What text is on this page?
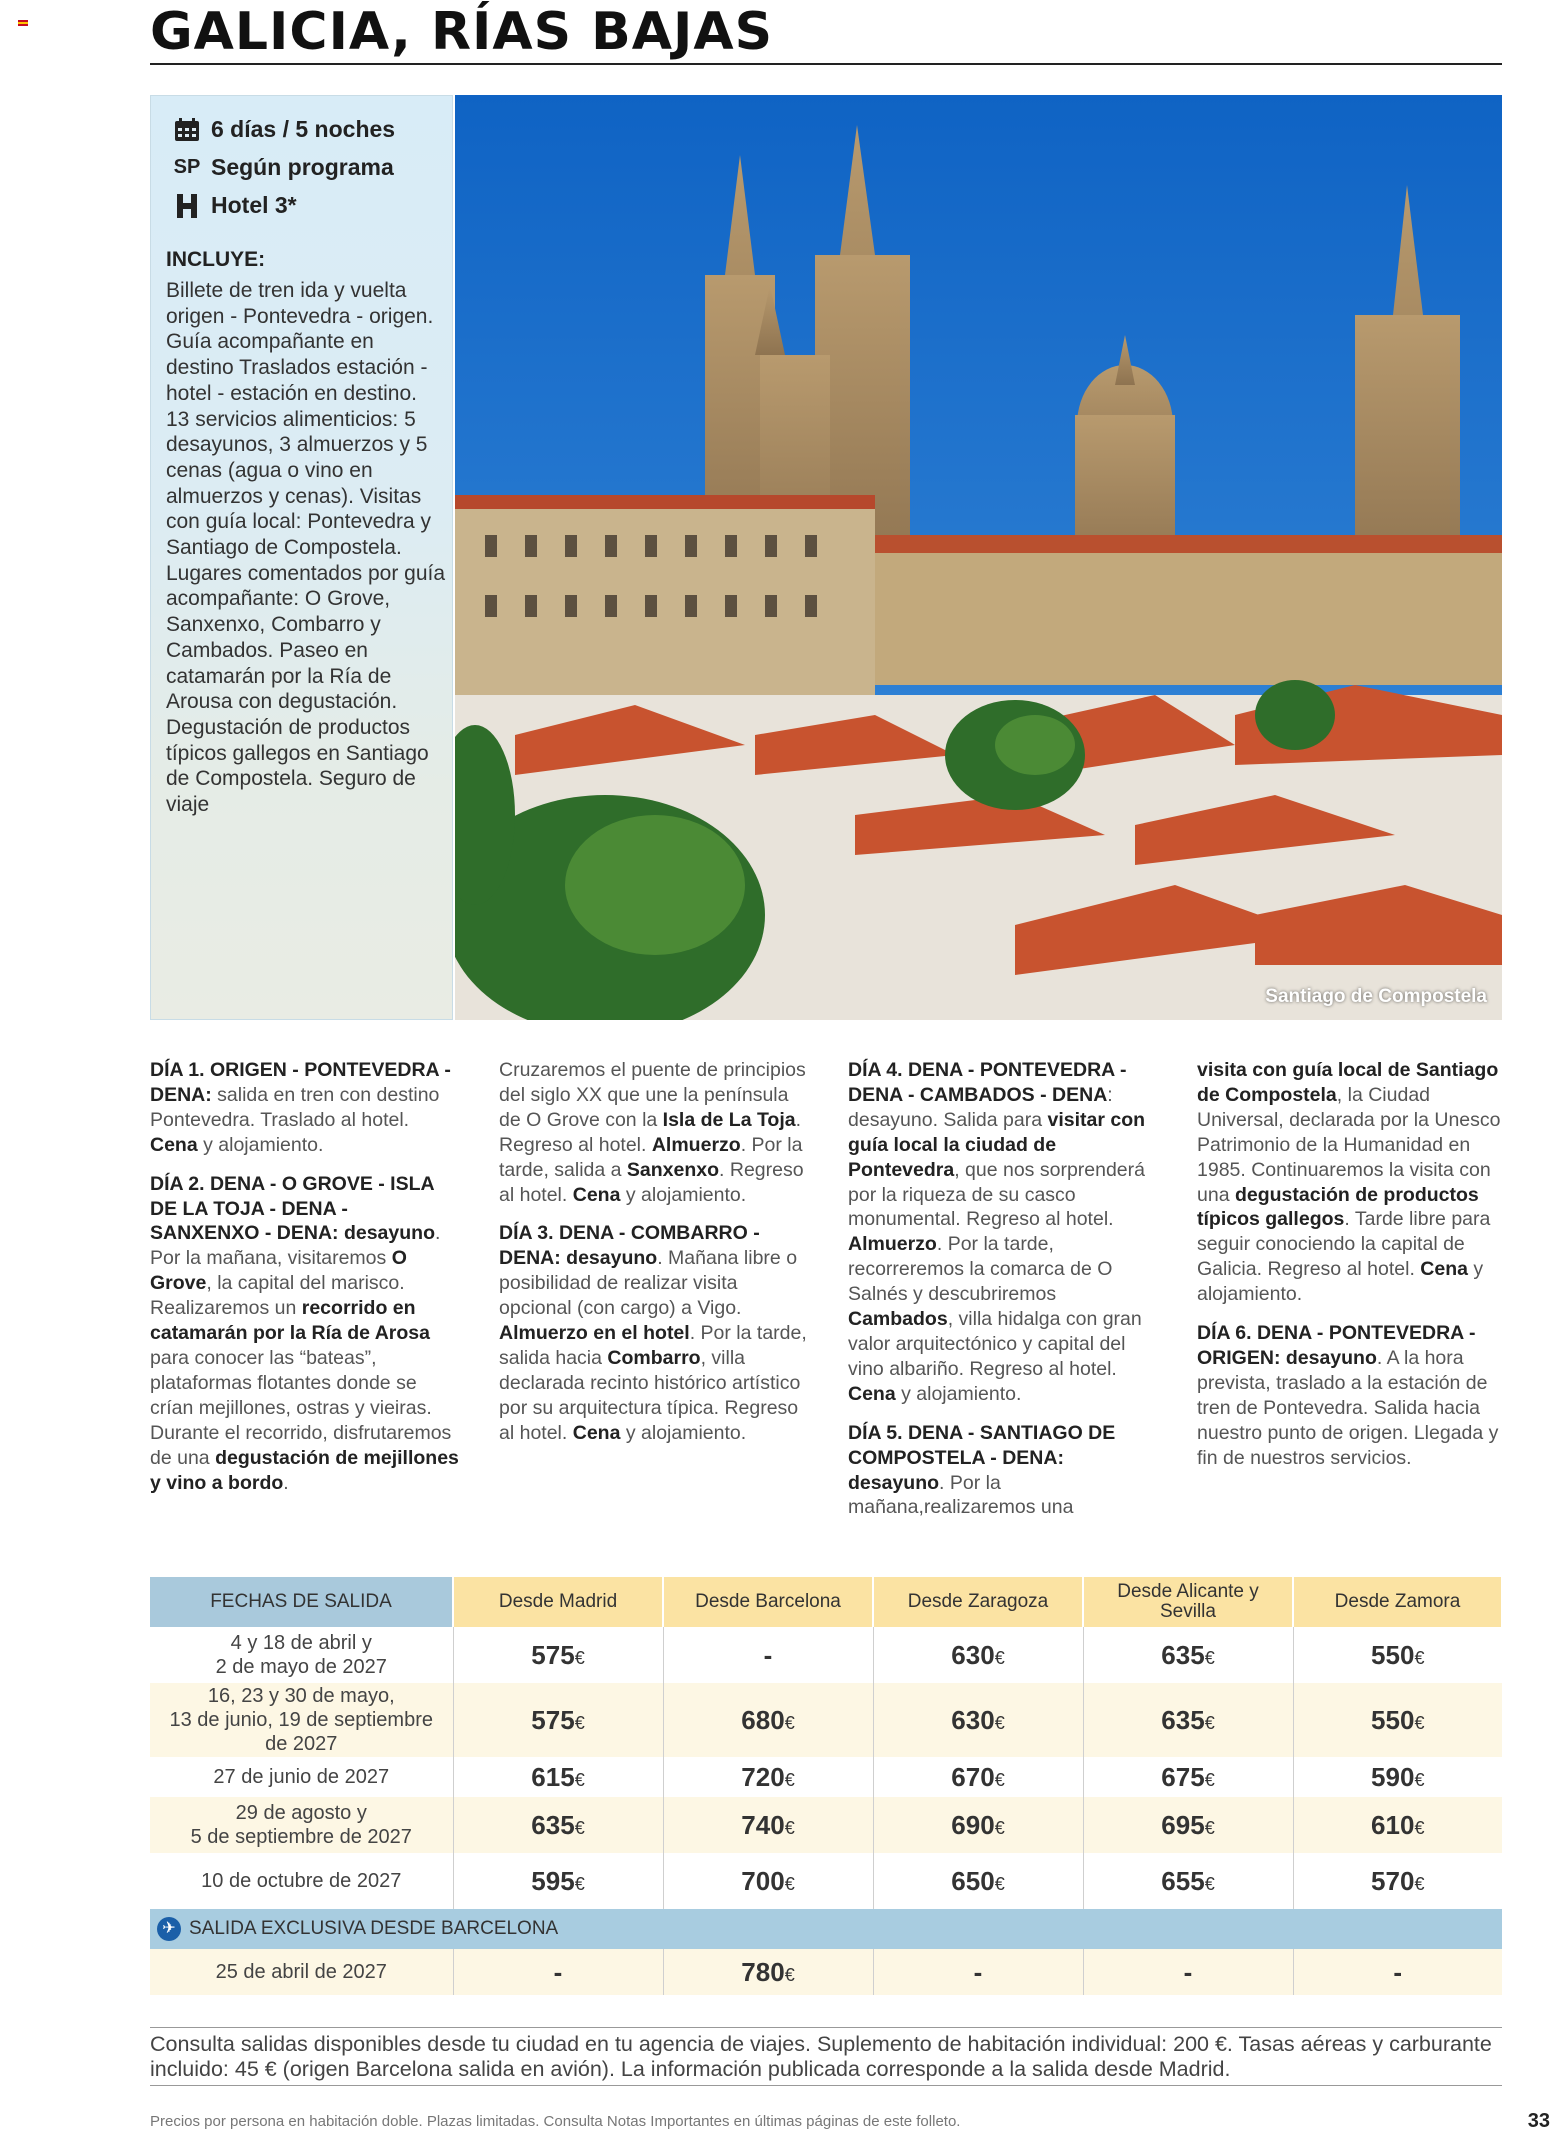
GALICIA, RÍAS BAJAS
6 días / 5 noches
SP Según programa
Hotel 3*
INCLUYE:
Billete de tren ida y vuelta origen - Pontevedra - origen. Guía acompañante en destino Traslados estación - hotel - estación en destino. 13 servicios alimenticios: 5 desayunos, 3 almuerzos y 5 cenas (agua o vino en almuerzos y cenas). Visitas con guía local: Pontevedra y Santiago de Compostela. Lugares comentados por guía acompañante: O Grove, Sanxenxo, Combarro y Cambados. Paseo en catamarán por la Ría de Arousa con degustación. Degustación de productos típicos gallegos en Santiago de Compostela. Seguro de viaje
Santiago de Compostela

DÍA 1. ORIGEN - PONTEVEDRA - DENA: salida en tren con destino Pontevedra. Traslado al hotel. Cena y alojamiento.

DÍA 2. DENA - O GROVE - ISLA DE LA TOJA - DENA - SANXENXO - DENA: desayuno. Por la mañana, visitaremos O Grove, la capital del marisco. Realizaremos un recorrido en catamarán por la Ría de Arosa para conocer las “bateas”, plataformas flotantes donde se crían mejillones, ostras y vieiras. Durante el recorrido, disfrutaremos de una degustación de mejillones y vino a bordo.

Cruzaremos el puente de principios del siglo XX que une la península de O Grove con la Isla de La Toja. Regreso al hotel. Almuerzo. Por la tarde, salida a Sanxenxo. Regreso al hotel. Cena y alojamiento.

DÍA 3. DENA - COMBARRO - DENA: desayuno. Mañana libre o posibilidad de realizar visita opcional (con cargo) a Vigo. Almuerzo en el hotel. Por la tarde, salida hacia Combarro, villa declarada recinto histórico artístico por su arquitectura típica. Regreso al hotel. Cena y alojamiento.

DÍA 4. DENA - PONTEVEDRA - DENA - CAMBADOS - DENA: desayuno. Salida para visitar con guía local la ciudad de Pontevedra, que nos sorprenderá por la riqueza de su casco monumental. Regreso al hotel. Almuerzo. Por la tarde, recorreremos la comarca de O Salnés y descubriremos Cambados, villa hidalga con gran valor arquitectónico y capital del vino albariño. Regreso al hotel. Cena y alojamiento.

DÍA 5. DENA - SANTIAGO DE COMPOSTELA - DENA: desayuno. Por la mañana,realizaremos una

visita con guía local de Santiago de Compostela, la Ciudad Universal, declarada por la Unesco Patrimonio de la Humanidad en 1985. Continuaremos la visita con una degustación de productos típicos gallegos. Tarde libre para seguir conociendo la capital de Galicia. Regreso al hotel. Cena y alojamiento.

DÍA 6. DENA - PONTEVEDRA - ORIGEN: desayuno. A la hora prevista, traslado a la estación de tren de Pontevedra. Salida hacia nuestro punto de origen. Llegada y fin de nuestros servicios.

FECHAS DE SALIDA	Desde Madrid	Desde Barcelona	Desde Zaragoza	Desde Alicante y Sevilla	Desde Zamora
4 y 18 de abril y
2 de mayo de 2027	575€	-	630€	635€	550€
16, 23 y 30 de mayo,
13 de junio, 19 de septiembre
de 2027	575€	680€	630€	635€	550€
27 de junio de 2027	615€	720€	670€	675€	590€
29 de agosto y
5 de septiembre de 2027	635€	740€	690€	695€	610€
10 de octubre de 2027	595€	700€	650€	655€	570€
✈ SALIDA EXCLUSIVA DESDE BARCELONA					
25 de abril de 2027	-	780€	-	-	-
Consulta salidas disponibles desde tu ciudad en tu agencia de viajes. Suplemento de habitación individual: 200 €. Tasas aéreas y carburante incluido: 45 € (origen Barcelona salida en avión). La información publicada corresponde a la salida desde Madrid.
Precios por persona en habitación doble. Plazas limitadas. Consulta Notas Importantes en últimas páginas de este folleto.	33
